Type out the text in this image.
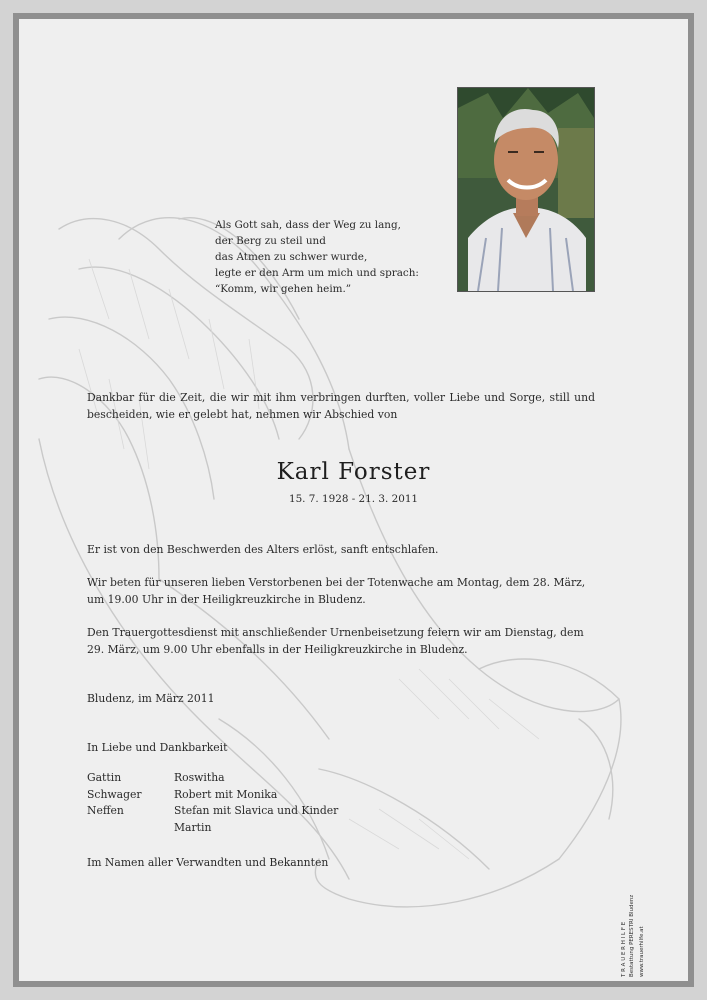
Als Gott sah, dass der Weg zu lang,
der Berg zu steil und
das Atmen zu schwer wurde,
legte er den Arm um mich und sprach:
“Komm, wir gehen heim.”
Dankbar für die Zeit, die wir mit ihm verbringen durften, voller Liebe und Sorge, still und bescheiden, wie er gelebt hat, nehmen wir Abschied von
Karl Forster
15. 7. 1928 - 21. 3. 2011
Er ist von den Beschwerden des Alters erlöst, sanft entschlafen.
Wir beten für unseren lieben Verstorbenen bei der Totenwache am Montag, dem 28. März, um 19.00 Uhr in der Heiligkreuzkirche in Bludenz.
Den Trauergottesdienst mit anschließender Urnenbeisetzung feiern wir am Dienstag, dem 29. März, um 9.00 Uhr ebenfalls in der Heiligkreuzkirche in Bludenz.
Bludenz, im März 2011
In Liebe und Dankbarkeit
Gattin	Roswitha
Schwager	Robert mit Monika
Neffen	Stefan mit Slavica und Kinder
Martin
Im Namen aller Verwandten und Bekannten
T R A U E R H I L F E Bestattung PERESTRI Bludenz www.trauerhilfe.at
